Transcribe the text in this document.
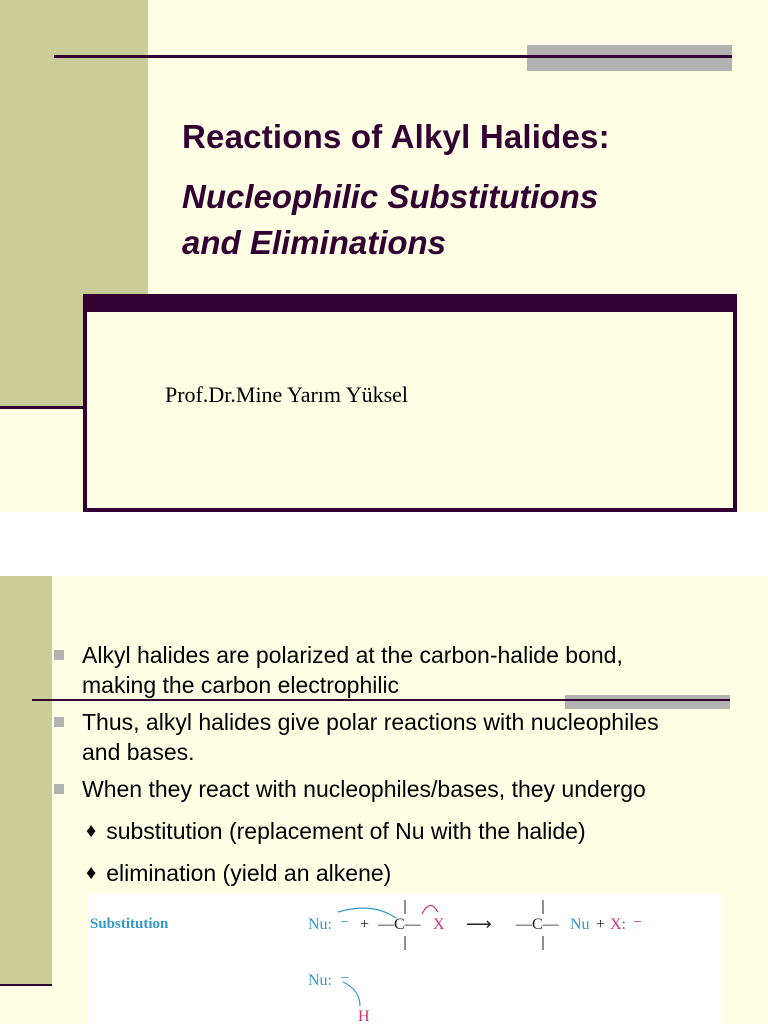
Reactions of Alkyl Halides:
Nucleophilic Substitutions
and Eliminations
Prof.Dr.Mine Yarım Yüksel
Alkyl halides are polarized at the carbon-halide bond,
making the carbon electrophilic
Thus, alkyl halides give polar reactions with nucleophiles
and bases.
When they react with nucleophiles/bases, they undergo
♦ substitution (replacement of Nu with the halide)
♦ elimination (yield an alkene)
Substitution	Nu: − + —C— X ⟶ —C— Nu + X: −
Nu: −
H
